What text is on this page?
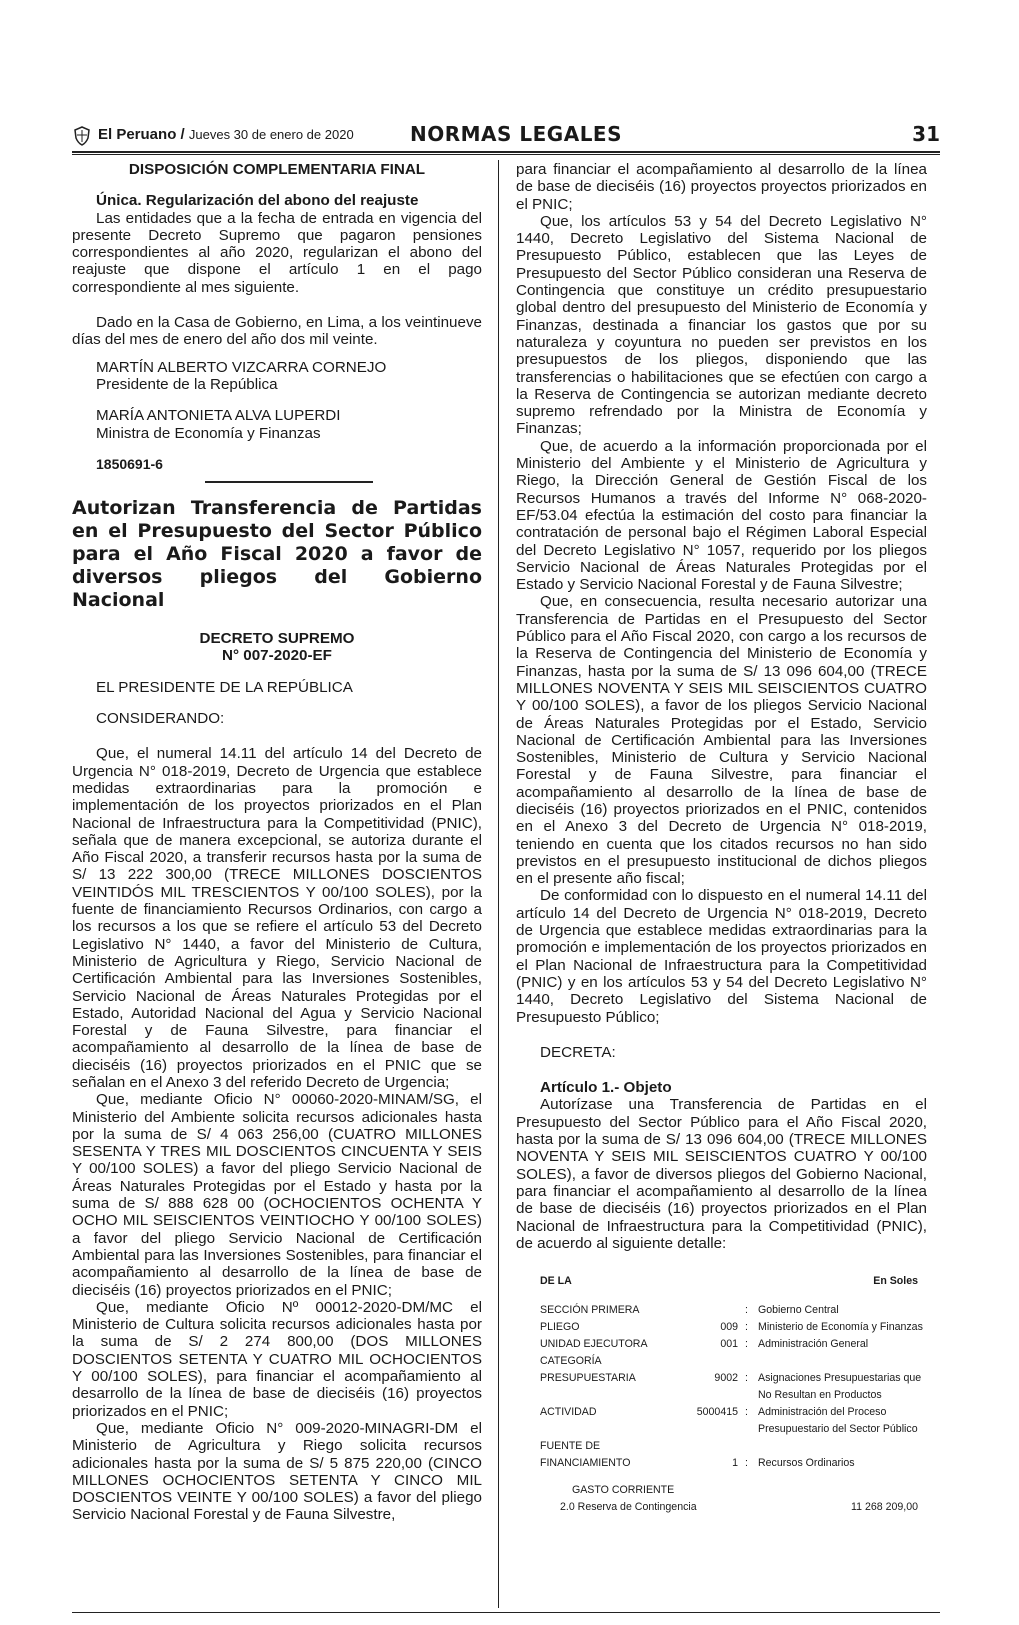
El Peruano / Jueves 30 de enero de 2020	NORMAS LEGALES	31

DISPOSICIÓN COMPLEMENTARIA FINAL

Única. Regularización del abono del reajuste

Las entidades que a la fecha de entrada en vigencia del presente Decreto Supremo que pagaron pensiones correspondientes al año 2020, regularizan el abono del reajuste que dispone el artículo 1 en el pago correspondiente al mes siguiente.

Dado en la Casa de Gobierno, en Lima, a los veintinueve días del mes de enero del año dos mil veinte.

MARTÍN ALBERTO VIZCARRA CORNEJO

Presidente de la República

MARÍA ANTONIETA ALVA LUPERDI

Ministra de Economía y Finanzas

1850691-6

Autorizan Transferencia de Partidas en el Presupuesto del Sector Público para el Año Fiscal 2020 a favor de diversos pliegos del Gobierno Nacional

DECRETO SUPREMO

N° 007-2020-EF

EL PRESIDENTE DE LA REPÚBLICA

CONSIDERANDO:

Que, el numeral 14.11 del artículo 14 del Decreto de Urgencia N° 018-2019, Decreto de Urgencia que establece medidas extraordinarias para la promoción e implementación de los proyectos priorizados en el Plan Nacional de Infraestructura para la Competitividad (PNIC), señala que de manera excepcional, se autoriza durante el Año Fiscal 2020, a transferir recursos hasta por la suma de S/ 13 222 300,00 (TRECE MILLONES DOSCIENTOS VEINTIDÓS MIL TRESCIENTOS Y 00/100 SOLES), por la fuente de financiamiento Recursos Ordinarios, con cargo a los recursos a los que se refiere el artículo 53 del Decreto Legislativo N° 1440, a favor del Ministerio de Cultura, Ministerio de Agricultura y Riego, Servicio Nacional de Certificación Ambiental para las Inversiones Sostenibles, Servicio Nacional de Áreas Naturales Protegidas por el Estado, Autoridad Nacional del Agua y Servicio Nacional Forestal y de Fauna Silvestre, para financiar el acompañamiento al desarrollo de la línea de base de dieciséis (16) proyectos priorizados en el PNIC que se señalan en el Anexo 3 del referido Decreto de Urgencia;

Que, mediante Oficio N° 00060-2020-MINAM/SG, el Ministerio del Ambiente solicita recursos adicionales hasta por la suma de S/ 4 063 256,00 (CUATRO MILLONES SESENTA Y TRES MIL DOSCIENTOS CINCUENTA Y SEIS Y 00/100 SOLES) a favor del pliego Servicio Nacional de Áreas Naturales Protegidas por el Estado y hasta por la suma de S/ 888 628 00 (OCHOCIENTOS OCHENTA Y OCHO MIL SEISCIENTOS VEINTIOCHO Y 00/100 SOLES) a favor del pliego Servicio Nacional de Certificación Ambiental para las Inversiones Sostenibles, para financiar el acompañamiento al desarrollo de la línea de base de dieciséis (16) proyectos priorizados en el PNIC;

Que, mediante Oficio Nº 00012-2020-DM/MC el Ministerio de Cultura solicita recursos adicionales hasta por la suma de S/ 2 274 800,00 (DOS MILLONES DOSCIENTOS SETENTA Y CUATRO MIL OCHOCIENTOS Y 00/100 SOLES), para financiar el acompañamiento al desarrollo de la línea de base de dieciséis (16) proyectos priorizados en el PNIC;

Que, mediante Oficio N° 009-2020-MINAGRI-DM el Ministerio de Agricultura y Riego solicita recursos adicionales hasta por la suma de S/ 5 875 220,00 (CINCO MILLONES OCHOCIENTOS SETENTA Y CINCO MIL DOSCIENTOS VEINTE Y 00/100 SOLES) a favor del pliego Servicio Nacional Forestal y de Fauna Silvestre,

para financiar el acompañamiento al desarrollo de la línea de base de dieciséis (16) proyectos proyectos priorizados en el PNIC;

Que, los artículos 53 y 54 del Decreto Legislativo N° 1440, Decreto Legislativo del Sistema Nacional de Presupuesto Público, establecen que las Leyes de Presupuesto del Sector Público consideran una Reserva de Contingencia que constituye un crédito presupuestario global dentro del presupuesto del Ministerio de Economía y Finanzas, destinada a financiar los gastos que por su naturaleza y coyuntura no pueden ser previstos en los presupuestos de los pliegos, disponiendo que las transferencias o habilitaciones que se efectúen con cargo a la Reserva de Contingencia se autorizan mediante decreto supremo refrendado por la Ministra de Economía y Finanzas;

Que, de acuerdo a la información proporcionada por el Ministerio del Ambiente y el Ministerio de Agricultura y Riego, la Dirección General de Gestión Fiscal de los Recursos Humanos a través del Informe N° 068-2020-EF/53.04 efectúa la estimación del costo para financiar la contratación de personal bajo el Régimen Laboral Especial del Decreto Legislativo N° 1057, requerido por los pliegos Servicio Nacional de Áreas Naturales Protegidas por el Estado y Servicio Nacional Forestal y de Fauna Silvestre;

Que, en consecuencia, resulta necesario autorizar una Transferencia de Partidas en el Presupuesto del Sector Público para el Año Fiscal 2020, con cargo a los recursos de la Reserva de Contingencia del Ministerio de Economía y Finanzas, hasta por la suma de S/ 13 096 604,00 (TRECE MILLONES NOVENTA Y SEIS MIL SEISCIENTOS CUATRO Y 00/100 SOLES), a favor de los pliegos Servicio Nacional de Áreas Naturales Protegidas por el Estado, Servicio Nacional de Certificación Ambiental para las Inversiones Sostenibles, Ministerio de Cultura y Servicio Nacional Forestal y de Fauna Silvestre, para financiar el acompañamiento al desarrollo de la línea de base de dieciséis (16) proyectos priorizados en el PNIC, contenidos en el Anexo 3 del Decreto de Urgencia N° 018-2019, teniendo en cuenta que los citados recursos no han sido previstos en el presupuesto institucional de dichos pliegos en el presente año fiscal;

De conformidad con lo dispuesto en el numeral 14.11 del artículo 14 del Decreto de Urgencia N° 018-2019, Decreto de Urgencia que establece medidas extraordinarias para la promoción e implementación de los proyectos priorizados en el Plan Nacional de Infraestructura para la Competitividad (PNIC) y en los artículos 53 y 54 del Decreto Legislativo N° 1440, Decreto Legislativo del Sistema Nacional de Presupuesto Público;

DECRETA:

Artículo 1.- Objeto

Autorízase una Transferencia de Partidas en el Presupuesto del Sector Público para el Año Fiscal 2020, hasta por la suma de S/ 13 096 604,00 (TRECE MILLONES NOVENTA Y SEIS MIL SEISCIENTOS CUATRO Y 00/100 SOLES), a favor de diversos pliegos del Gobierno Nacional, para financiar el acompañamiento al desarrollo de la línea de base de dieciséis (16) proyectos priorizados en el Plan Nacional de Infraestructura para la Competitividad (PNIC), de acuerdo al siguiente detalle:

DE LA	En Soles
SECCIÓN PRIMERA	: Gobierno Central
PLIEGO	009 : Ministerio de Economía y Finanzas
UNIDAD EJECUTORA	001 : Administración General
CATEGORÍA
PRESUPUESTARIA	9002 : Asignaciones Presupuestarias que
No Resultan en Productos
ACTIVIDAD	5000415 : Administración del Proceso
Presupuestario del Sector Público
FUENTE DE
FINANCIAMIENTO	1 : Recursos Ordinarios
GASTO CORRIENTE
2.0 Reserva de Contingencia	11 268 209,00
